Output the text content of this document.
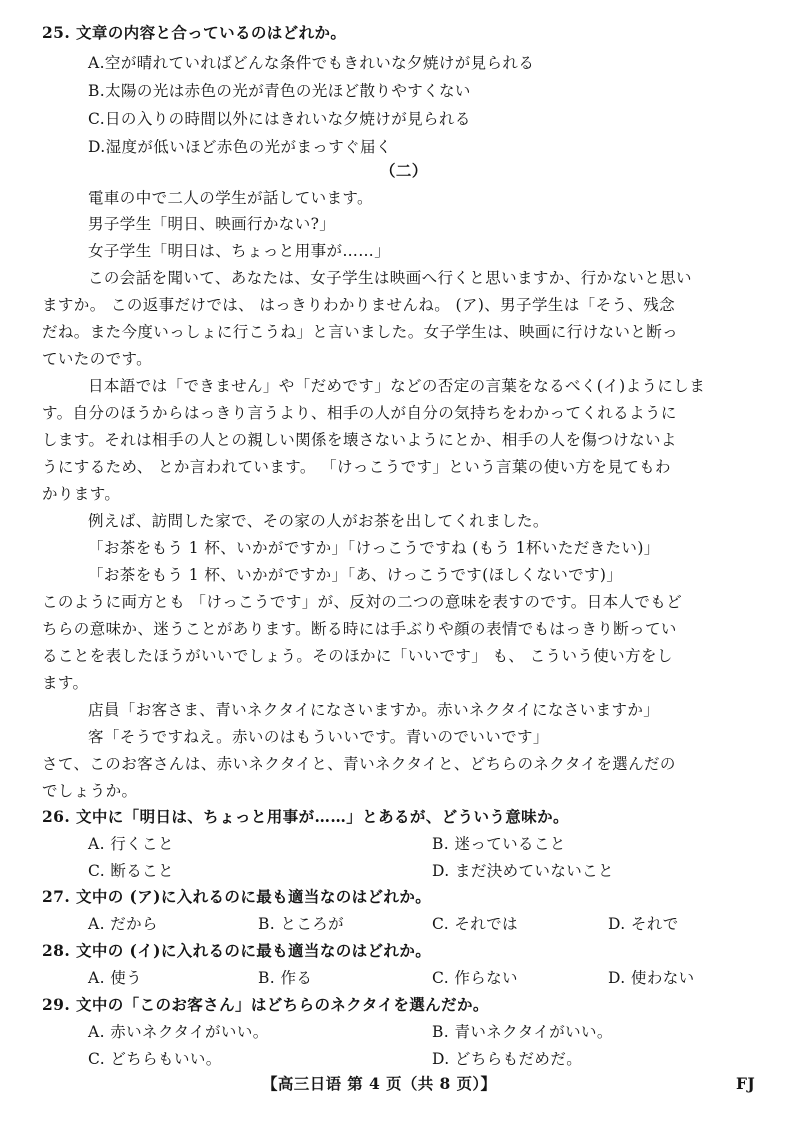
25. 文章の内容と合っているのはどれか。
A.空が晴れていればどんな条件でもきれいな夕焼けが見られる
B.太陽の光は赤色の光が青色の光ほど散りやすくない
C.日の入りの時間以外にはきれいな夕焼けが見られる
D.湿度が低いほど赤色の光がまっすぐ届く
（二）
電車の中で二人の学生が話しています。
男子学生「明日、映画行かない?」
女子学生「明日は、ちょっと用事が……」
この会話を聞いて、あなたは、女子学生は映画へ行くと思いますか、行かないと思い
ますか。 この返事だけでは、 はっきりわかりませんね。 (ア)、男子学生は「そう、残念
だね。また今度いっしょに行こうね」と言いました。女子学生は、映画に行けないと断っ
ていたのです。
日本語では「できません」や「だめです」などの否定の言葉をなるべく(イ)ようにしま
す。自分のほうからはっきり言うより、相手の人が自分の気持ちをわかってくれるように
します。それは相手の人との親しい関係を壊さないようにとか、相手の人を傷つけないよ
うにするため、 とか言われています。 「けっこうです」という言葉の使い方を見てもわ
かります。
例えば、訪問した家で、その家の人がお茶を出してくれました。
「お茶をもう 1 杯、いかがですか」「けっこうですね (もう 1杯いただきたい)」
「お茶をもう 1 杯、いかがですか」「あ、けっこうです(ほしくないです)」
このように両方とも 「けっこうです」が、反対の二つの意味を表すのです。日本人でもど
ちらの意味か、迷うことがあります。断る時には手ぶりや顔の表情でもはっきり断ってい
ることを表したほうがいいでしょう。そのほかに「いいです」 も、 こういう使い方をし
ます。
店員「お客さま、青いネクタイになさいますか。赤いネクタイになさいますか」
客「そうですねえ。赤いのはもういいです。青いのでいいです」
さて、このお客さんは、赤いネクタイと、青いネクタイと、どちらのネクタイを選んだの
でしょうか。
26. 文中に「明日は、ちょっと用事が……」とあるが、どういう意味か。
A. 行くこと	B. 迷っていること
C. 断ること	D. まだ決めていないこと
27. 文中の (ア)に入れるのに最も適当なのはどれか。
A. だから	B. ところが	C. それでは	D. それで
28. 文中の (イ)に入れるのに最も適当なのはどれか。
A. 使う	B. 作る	C. 作らない	D. 使わない
29. 文中の「このお客さん」はどちらのネクタイを選んだか。
A. 赤いネクタイがいい。	B. 青いネクタイがいい。
C. どちらもいい。	D. どちらもだめだ。
【高三日语 第 4 页（共 8 页）】	FJ
